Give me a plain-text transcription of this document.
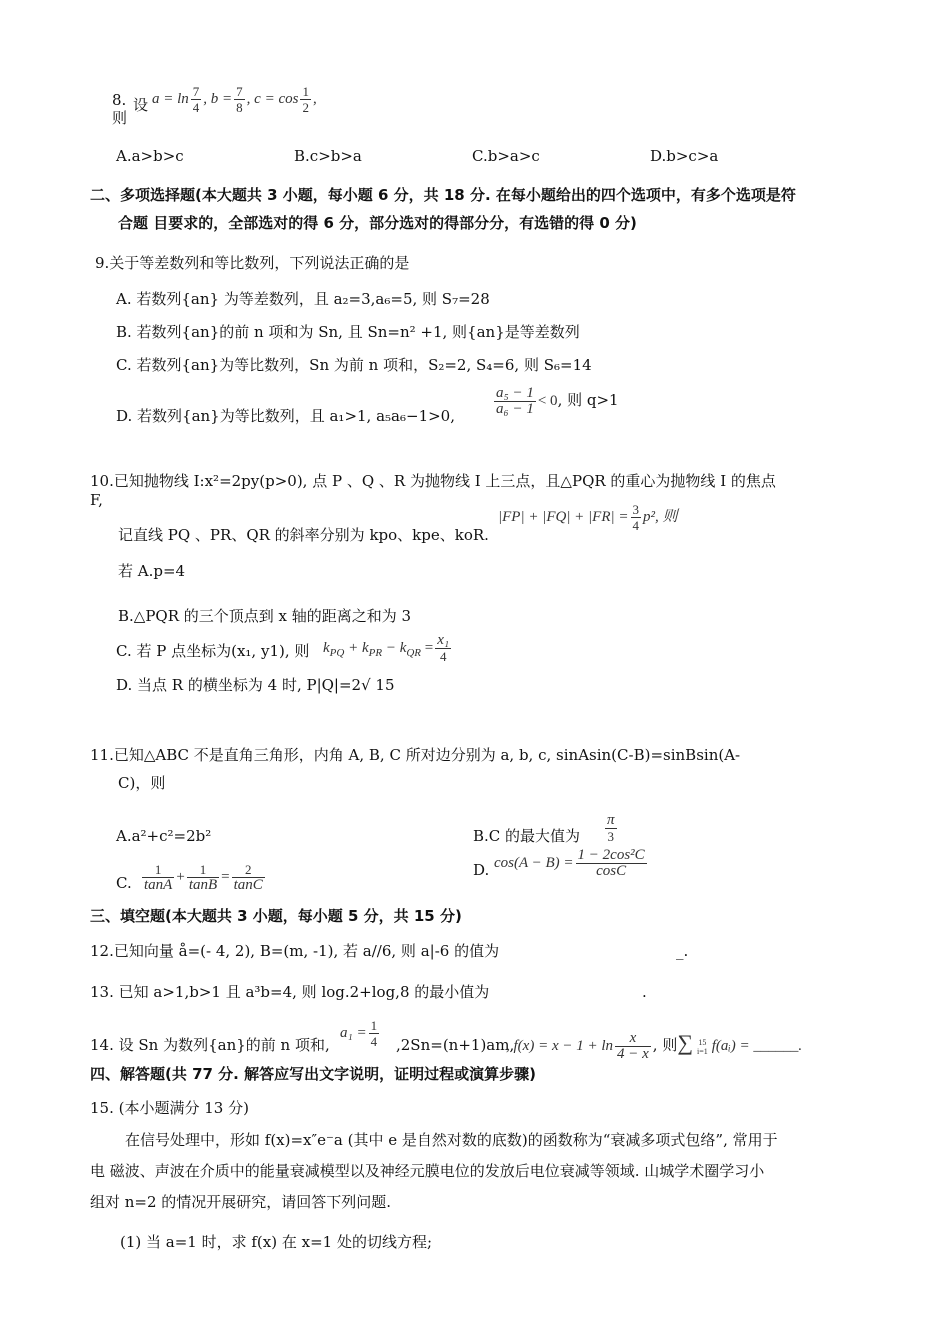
8. 设 $a = \ln \frac{7}{4}$ , $b = \frac{7}{8}$ , $c = \cos \frac{1}{2}$ ,
则
A.a>b>c	B.c>b>a	C.b>a>c	D.b>c>a
二、多项选择题(本大题共 3 小题，每小题 6 分，共 18 分. 在每小题给出的四个选项中，有多个选项是符
合题 目要求的，全部选对的得 6 分，部分选对的得部分分，有选错的得 0 分)
9.关于等差数列和等比数列，下列说法正确的是
A. 若数列{an} 为等差数列，且 a₂=3,a₆=5, 则 S₇=28
B. 若数列{an}的前 n 项和为 Sn, 且 Sn=n² +1, 则{an}是等差数列
C. 若数列{an}为等比数列，Sn 为前 n 项和，S₂=2, S₄=6, 则 S₆=14
D. 若数列{an}为等比数列，且 a₁>1, a₅a₆−1>0,	$\frac{\text{a₅ − 1}}{\text{a₆ − 1}} < 0$, 则 q>1
10.已知抛物线 I:x²=2py(p>0), 点 P 、Q 、R 为抛物线 I 上三点，且△PQR 的重心为抛物线 I 的焦点
F,
记直线 PQ 、PR、QR 的斜率分别为 kpo、kpe、koR.
$|FP| + |FQ| + |FR| = \frac{3}{4} p^2$, 则
若 A.p=4
B.△PQR 的三个顶点到 x 轴的距离之和为 3
C. 若 P 点坐标为(x₁, y1), 则 $k_{PQ} + k_{PR} - k_{QR} = \frac{\text{x₁}}{4}$
D. 当点 R 的横坐标为 4 时, P|Q|=2√ 15
11.已知△ABC 不是直角三角形，内角 A, B, C 所对边分别为 a, b, c, sinAsin(C-B)=sinBsin(A-
C)，则
A.a²+c²=2b²	B.C 的最大值为 $\frac{\pi}{3}$
C. $\frac{1}{\tan A} + \frac{1}{\tan B} = \frac{2}{\tan C}$	D. $\cos(A - B) = \frac{\text{1 − 2cos²C}}{\cos C}$
三、填空题(本大题共 3 小题，每小题 5 分，共 15 分)
12.已知向量 å=(- 4, 2), B=(m, -1), 若 a//6, 则 a|-6 的值为	_.
13. 已知 a>1,b>1 且 a³b=4, 则 log.2+log,8 的最小值为	.
14. 设 Sn 为数列{an}的前 n 项和,
$a_1 = \frac{1}{4} ,2Sn=(n+1)am$,
, $f(x) = x - 1 + \ln \frac{x}{4 - x}$ , 则∑ 15
i=1 f(aᵢ) = ______.
四、解答题(共 77 分. 解答应写出文字说明，证明过程或演算步骤)
15. (本小题满分 13 分)
在信号处理中，形如 f(x)=x″e⁻a (其中 e 是自然对数的底数)的函数称为“衰减多项式包络”, 常用于
电 磁波、声波在介质中的能量衰减模型以及神经元膜电位的发放后电位衰减等领域. 山城学术圈学习小
组对 n=2 的情况开展研究，请回答下列问题.
(1) 当 a=1 时，求 f(x) 在 x=1 处的切线方程;
